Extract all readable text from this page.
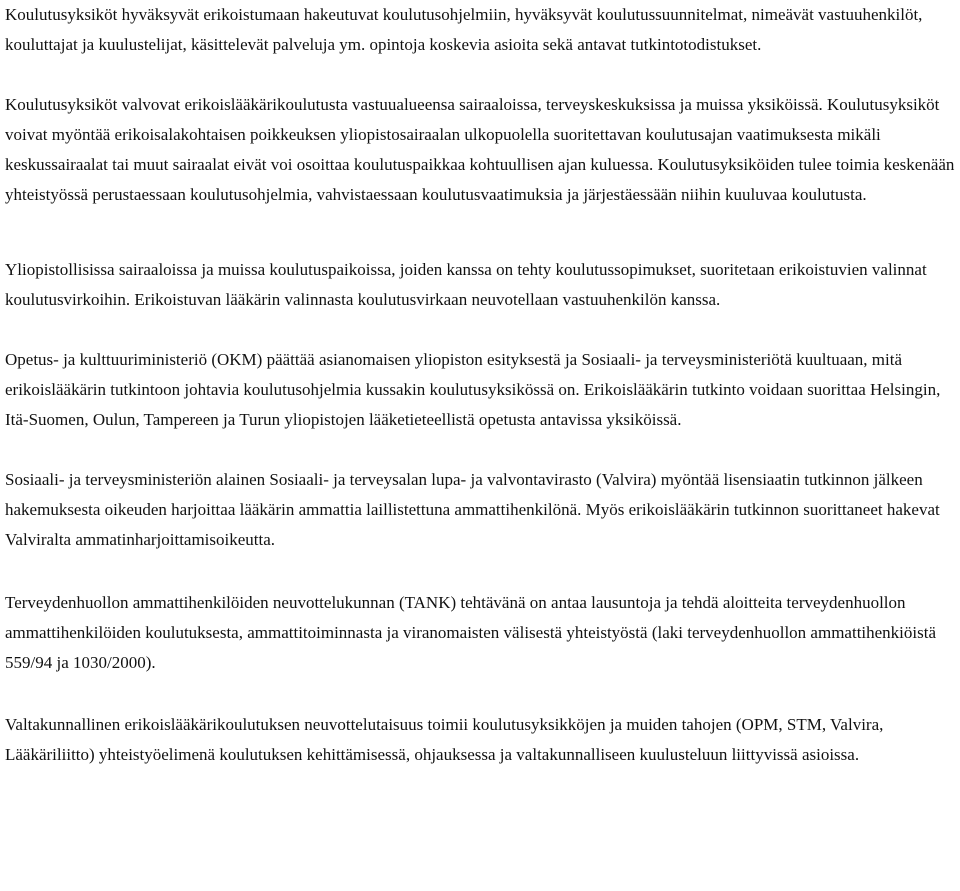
Koulutusyksiköt hyväksyvät erikoistumaan hakeutuvat koulutusohjelmiin, hyväksyvät koulutussuunnitelmat, nimeävät vastuuhenkilöt, kouluttajat ja kuulustelijat, käsittelevät palveluja ym. opintoja koskevia asioita sekä antavat tutkintotodistukset.

Koulutusyksiköt valvovat erikoislääkärikoulutusta vastuualueensa sairaaloissa, terveyskeskuksissa ja muissa yksiköissä. Koulutusyksiköt voivat myöntää erikoisalakohtaisen poikkeuksen yliopistosairaalan ulkopuolella suoritettavan koulutusajan vaatimuksesta mikäli keskussairaalat tai muut sairaalat eivät voi osoittaa koulutuspaikkaa kohtuullisen ajan kuluessa. Koulutusyksiköiden tulee toimia keskenään yhteistyössä perustaessaan koulutusohjelmia, vahvistaessaan koulutusvaatimuksia ja järjestäessään niihin kuuluvaa koulutusta.

Yliopistollisissa sairaaloissa ja muissa koulutuspaikoissa, joiden kanssa on tehty koulutussopimukset, suoritetaan erikoistuvien valinnat koulutusvirkoihin. Erikoistuvan lääkärin valinnasta koulutusvirkaan neuvotellaan vastuuhenkilön kanssa.

Opetus- ja kulttuuriministeriö (OKM) päättää asianomaisen yliopiston esityksestä ja Sosiaali- ja terveysministeriötä kuultuaan, mitä erikoislääkärin tutkintoon johtavia koulutusohjelmia kussakin koulutusyksikössä on. Erikoislääkärin tutkinto voidaan suorittaa Helsingin, Itä-Suomen, Oulun, Tampereen ja Turun yliopistojen lääketieteellistä opetusta antavissa yksiköissä.

Sosiaali- ja terveysministeriön alainen Sosiaali- ja terveysalan lupa- ja valvontavirasto (Valvira) myöntää lisensiaatin tutkinnon jälkeen hakemuksesta oikeuden harjoittaa lääkärin ammattia laillistettuna ammattihenkilönä. Myös erikoislääkärin tutkinnon suorittaneet hakevat Valviralta ammatinharjoittamisoikeutta.

Terveydenhuollon ammattihenkilöiden neuvottelukunnan (TANK) tehtävänä on antaa lausuntoja ja tehdä aloitteita terveydenhuollon ammattihenkilöiden koulutuksesta, ammattitoiminnasta ja viranomaisten välisestä yhteistyöstä (laki terveydenhuollon ammattihenkiöistä 559/94 ja 1030/2000).

Valtakunnallinen erikoislääkärikoulutuksen neuvottelutaisuus toimii koulutusyksikköjen ja muiden tahojen (OPM, STM, Valvira, Lääkäriliitto) yhteistyöelimenä koulutuksen kehittämisessä, ohjauksessa ja valtakunnalliseen kuulusteluun liittyvissä asioissa.
